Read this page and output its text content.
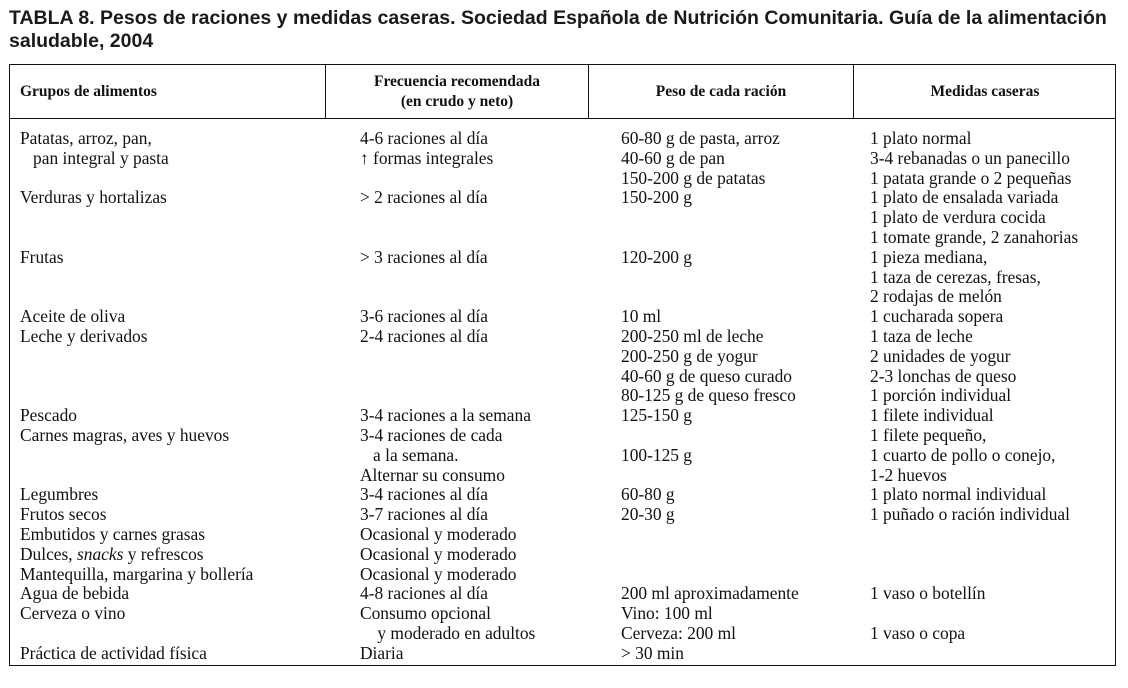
TABLA 8. Pesos de raciones y medidas caseras. Sociedad Española de Nutrición Comunitaria. Guía de la alimentación saludable, 2004
Grupos de alimentos
Frecuencia recomendada
(en crudo y neto)
Peso de cada ración	Medidas caseras
Patatas, arroz, pan,
pan integral y pasta
Verduras y hortalizas
Frutas
Aceite de oliva
Leche y derivados
Pescado
Carnes magras, aves y huevos
Legumbres
Frutos secos
Embutidos y carnes grasas
Dulces, snacks y refrescos
Mantequilla, margarina y bollería
Agua de bebida
Cerveza o vino
Práctica de actividad física
4-6 raciones al día
↑ formas integrales
> 2 raciones al día
> 3 raciones al día
3-6 raciones al día
2-4 raciones al día
3-4 raciones a la semana
3-4 raciones de cada
a la semana.
Alternar su consumo
3-4 raciones al día
3-7 raciones al día
Ocasional y moderado
Ocasional y moderado
Ocasional y moderado
4-8 raciones al día
Consumo opcional
y moderado en adultos
Diaria
60-80 g de pasta, arroz
40-60 g de pan
150-200 g de patatas
150-200 g
120-200 g
10 ml
200-250 ml de leche
200-250 g de yogur
40-60 g de queso curado
80-125 g de queso fresco
125-150 g
100-125 g
60-80 g
20-30 g
200 ml aproximadamente
Vino: 100 ml
Cerveza: 200 ml
> 30 min
1 plato normal
3-4 rebanadas o un panecillo
1 patata grande o 2 pequeñas
1 plato de ensalada variada
1 plato de verdura cocida
1 tomate grande, 2 zanahorias
1 pieza mediana,
1 taza de cerezas, fresas,
2 rodajas de melón
1 cucharada sopera
1 taza de leche
2 unidades de yogur
2-3 lonchas de queso
1 porción individual
1 filete individual
1 filete pequeño,
1 cuarto de pollo o conejo,
1-2 huevos
1 plato normal individual
1 puñado o ración individual
1 vaso o botellín
1 vaso o copa
